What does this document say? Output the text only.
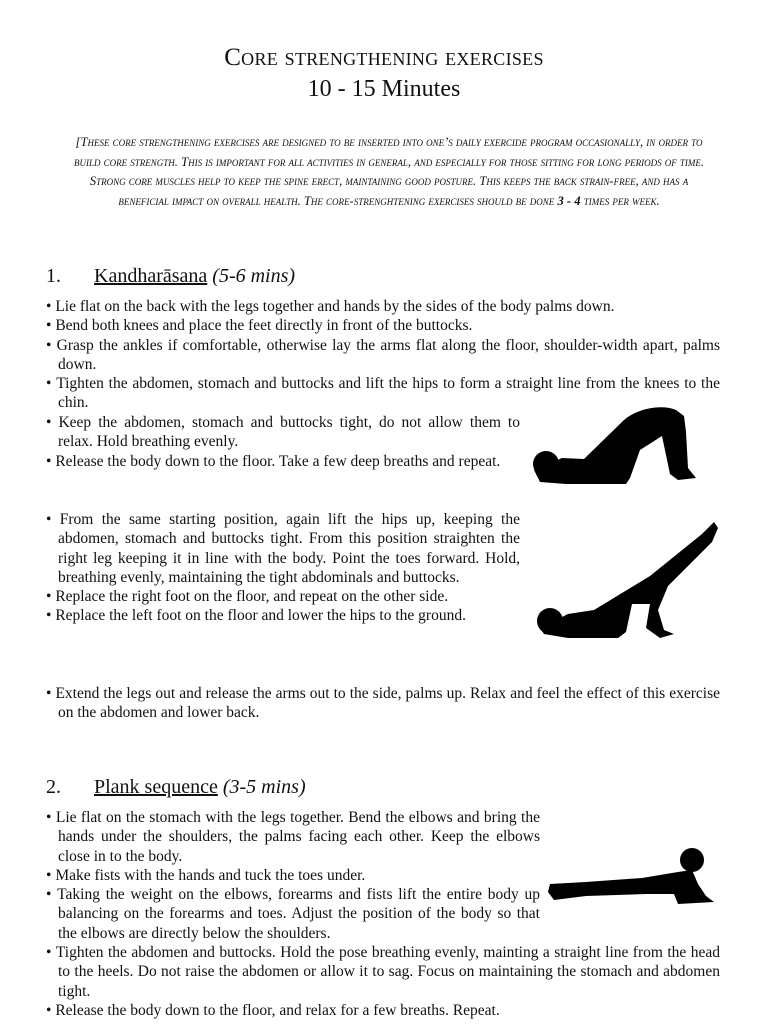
Core strengthening exercises
10 - 15 Minutes
[These core strengthening exercises are designed to be inserted into one’s daily exercide program occasionally, in order to build core strength. This is important for all activities in general, and especially for those sitting for long periods of time. Strong core muscles help to keep the spine erect, maintaining good posture. This keeps the back strain-free, and has a beneficial impact on overall health. The core-strenghtening exercises should be done 3 - 4 times per week.
1. Kandharāsana (5-6 mins)
• Lie flat on the back with the legs together and hands by the sides of the body palms down.
• Bend both knees and place the feet directly in front of the buttocks.
• Grasp the ankles if comfortable, otherwise lay the arms flat along the floor, shoulder-width apart, palms down.
• Tighten the abdomen, stomach and buttocks and lift the hips to form a straight line from the knees to the chin.
• Keep the abdomen, stomach and buttocks tight, do not allow them to relax. Hold breathing evenly.
• Release the body down to the floor. Take a few deep breaths and repeat.
• From the same starting position, again lift the hips up, keeping the abdomen, stomach and buttocks tight. From this position straighten the right leg keeping it in line with the body. Point the toes forward. Hold, breathing evenly, maintaining the tight abdominals and buttocks.
• Replace the right foot on the floor, and repeat on the other side.
• Replace the left foot on the floor and lower the hips to the ground.
• Extend the legs out and release the arms out to the side, palms up. Relax and feel the effect of this exercise on the abdomen and lower back.
2. Plank sequence (3-5 mins)
• Lie flat on the stomach with the legs together. Bend the elbows and bring the hands under the shoulders, the palms facing each other. Keep the elbows close in to the body.
• Make fists with the hands and tuck the toes under.
• Taking the weight on the elbows, forearms and fists lift the entire body up balancing on the forearms and toes. Adjust the position of the body so that the elbows are directly below the shoulders.
• Tighten the abdomen and buttocks. Hold the pose breathing evenly, mainting a straight line from the head to the heels. Do not raise the abdomen or allow it to sag. Focus on maintaining the stomach and abdomen tight.
• Release the body down to the floor, and relax for a few breaths. Repeat.
